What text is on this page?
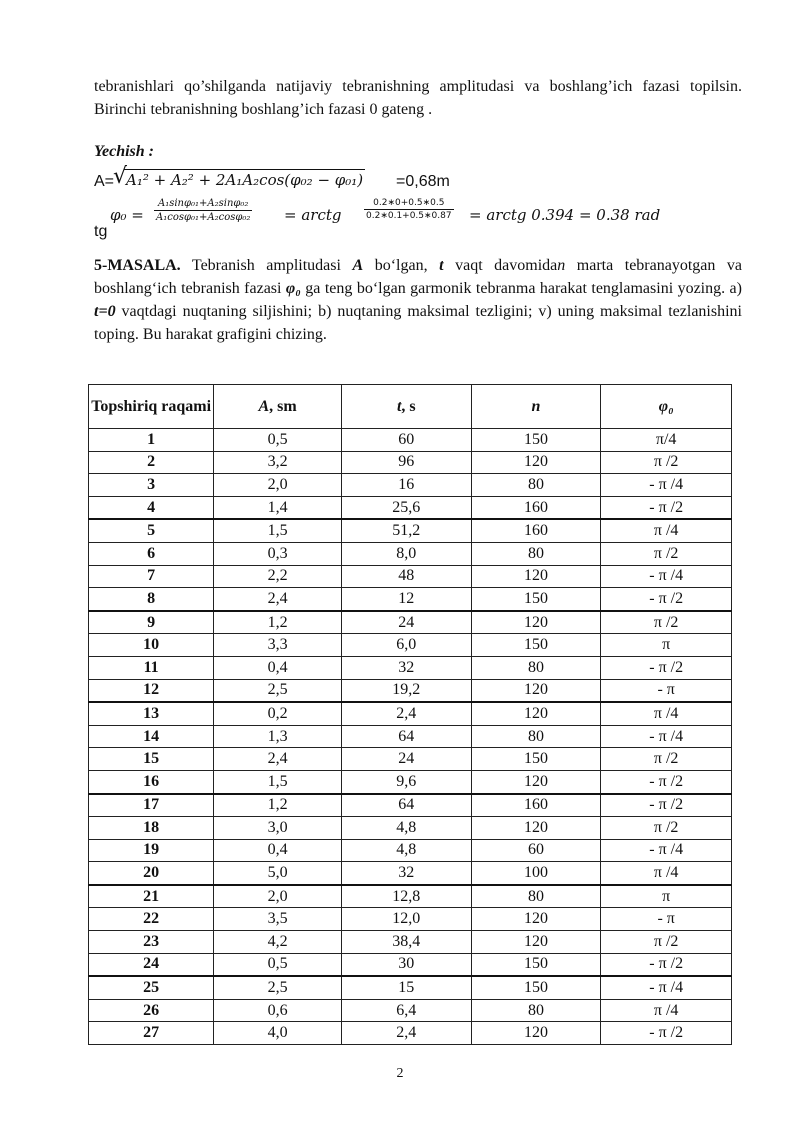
tebranishlari qo’shilganda natijaviy tebranishning amplitudasi va boshlang’ich fazasi topilsin. Birinchi tebranishning boshlang’ich fazasi 0 gateng .
Yechish :
A=
√
A₁² + A₂² + 2A₁A₂cos(φ₀₂ − φ₀₁) =0,68m
tg
$\varphi_0 = \frac{\text{A₁sinφ₀₁+A₂sinφ₀₂}}{\text{A₁cosφ₀₁+A₂cosφ₀₂}}$ = arctg	$\frac{0.2∗0+0.5∗0.5}{0.2∗0.1+0.5∗0.87}$ = arctg 0.394 = 0.38 rad
5-MASALA. Tebranish amplitudasi A boʻlgan, t vaqt davomidan marta tebranayotgan va boshlangʻich tebranish fazasi φ₀ ga teng boʻlgan garmonik tebranma harakat tenglamasini yozing. a) t=0 vaqtdagi nuqtaning siljishini; b) nuqtaning maksimal tezligini; v) uning maksimal tezlanishini toping. Bu harakat grafigini chizing.
Topshiriq raqami	A, sm	t, s	n	φ₀
1	0,5	60	150	π/4
2	3,2	96	120	π /2
3	2,0	16	80	- π /4
4	1,4	25,6	160	- π /2
5	1,5	51,2	160	π /4
6	0,3	8,0	80	π /2
7	2,2	48	120	- π /4
8	2,4	12	150	- π /2
9	1,2	24	120	π /2
10	3,3	6,0	150	π
11	0,4	32	80	- π /2
12	2,5	19,2	120	- π
13	0,2	2,4	120	π /4
14	1,3	64	80	- π /4
15	2,4	24	150	π /2
16	1,5	9,6	120	- π /2
17	1,2	64	160	- π /2
18	3,0	4,8	120	π /2
19	0,4	4,8	60	- π /4
20	5,0	32	100	π /4
21	2,0	12,8	80	π
22	3,5	12,0	120	- π
23	4,2	38,4	120	π /2
24	0,5	30	150	- π /2
25	2,5	15	150	- π /4
26	0,6	6,4	80	π /4
27	4,0	2,4	120	- π /2
2
